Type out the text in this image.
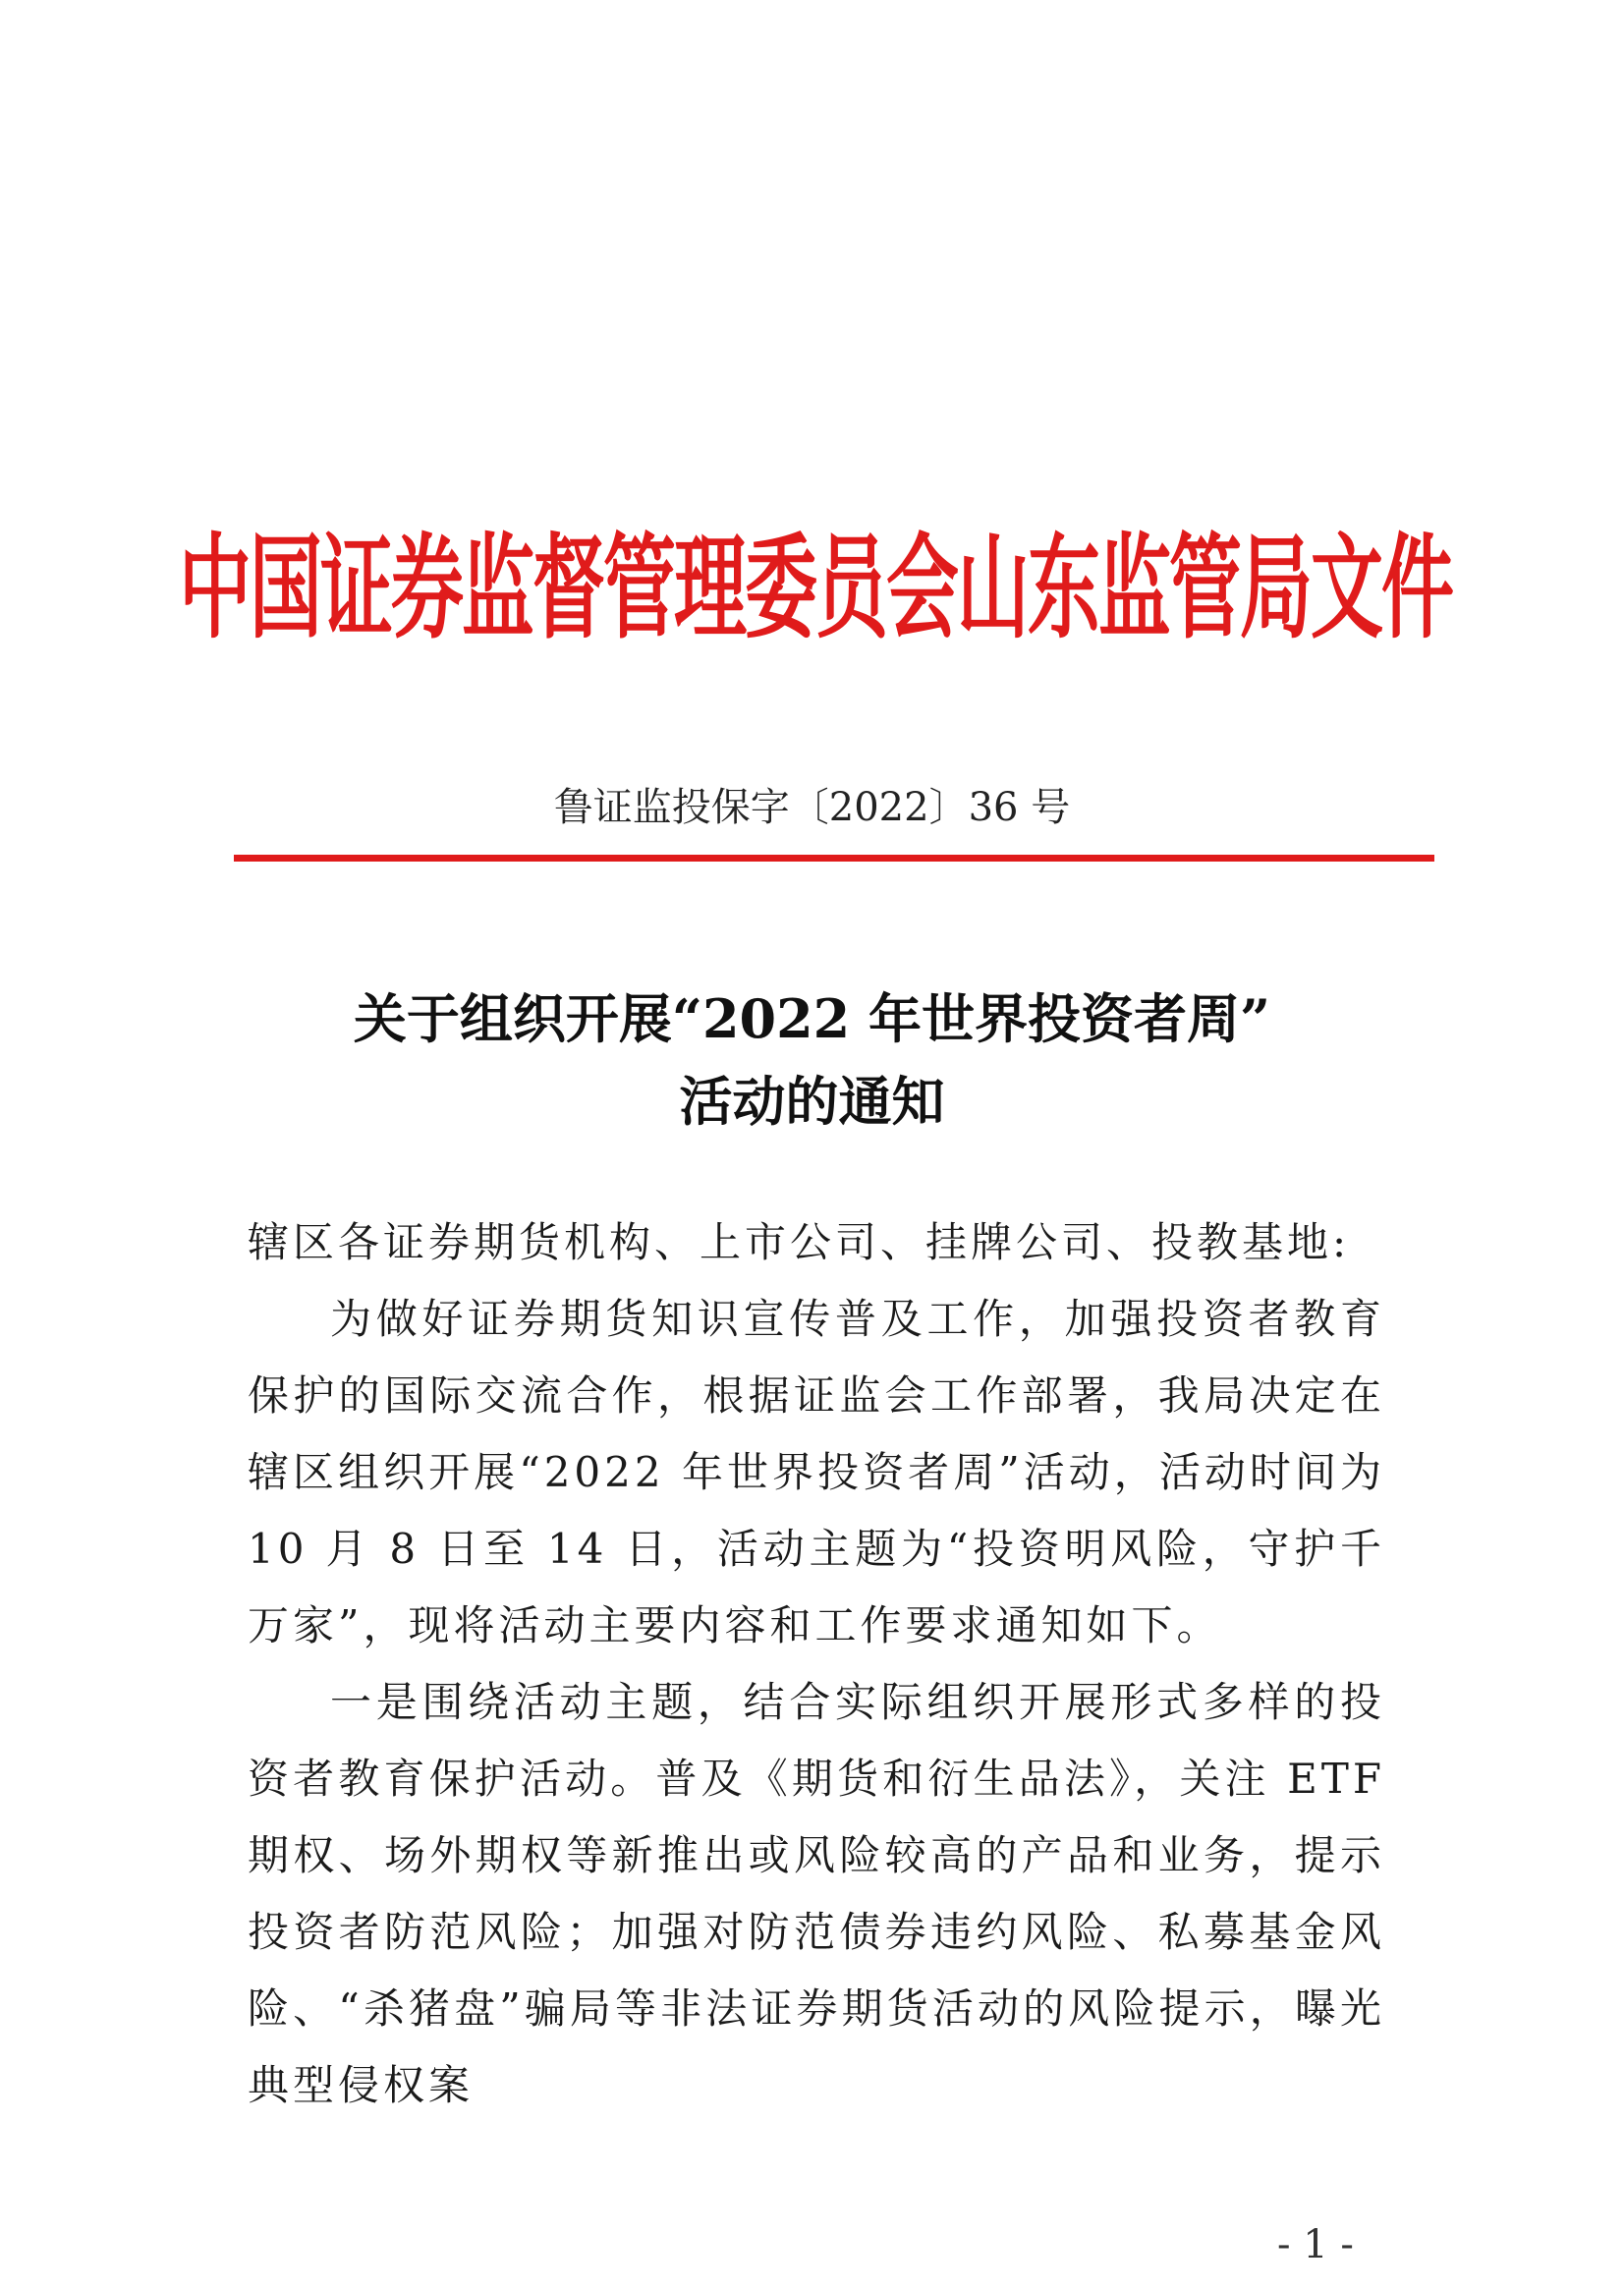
中国证券监督管理委员会山东监管局文件
鲁证监投保字〔2022〕36 号
关于组织开展“2022 年世界投资者周”
活动的通知

辖区各证券期货机构、上市公司、挂牌公司、投教基地:

为做好证券期货知识宣传普及工作，加强投资者教育保护的国际交流合作，根据证监会工作部署，我局决定在辖区组织开展“2022 年世界投资者周”活动，活动时间为 10 月 8 日至 14 日，活动主题为“投资明风险，守护千万家”，现将活动主要内容和工作要求通知如下。

一是围绕活动主题，结合实际组织开展形式多样的投资者教育保护活动。普及《期货和衍生品法》，关注 ETF 期权、场外期权等新推出或风险较高的产品和业务，提示投资者防范风险；加强对防范债券违约风险、私募基金风险、“杀猪盘”骗局等非法证券期货活动的风险提示，曝光典型侵权案

- 1 -
